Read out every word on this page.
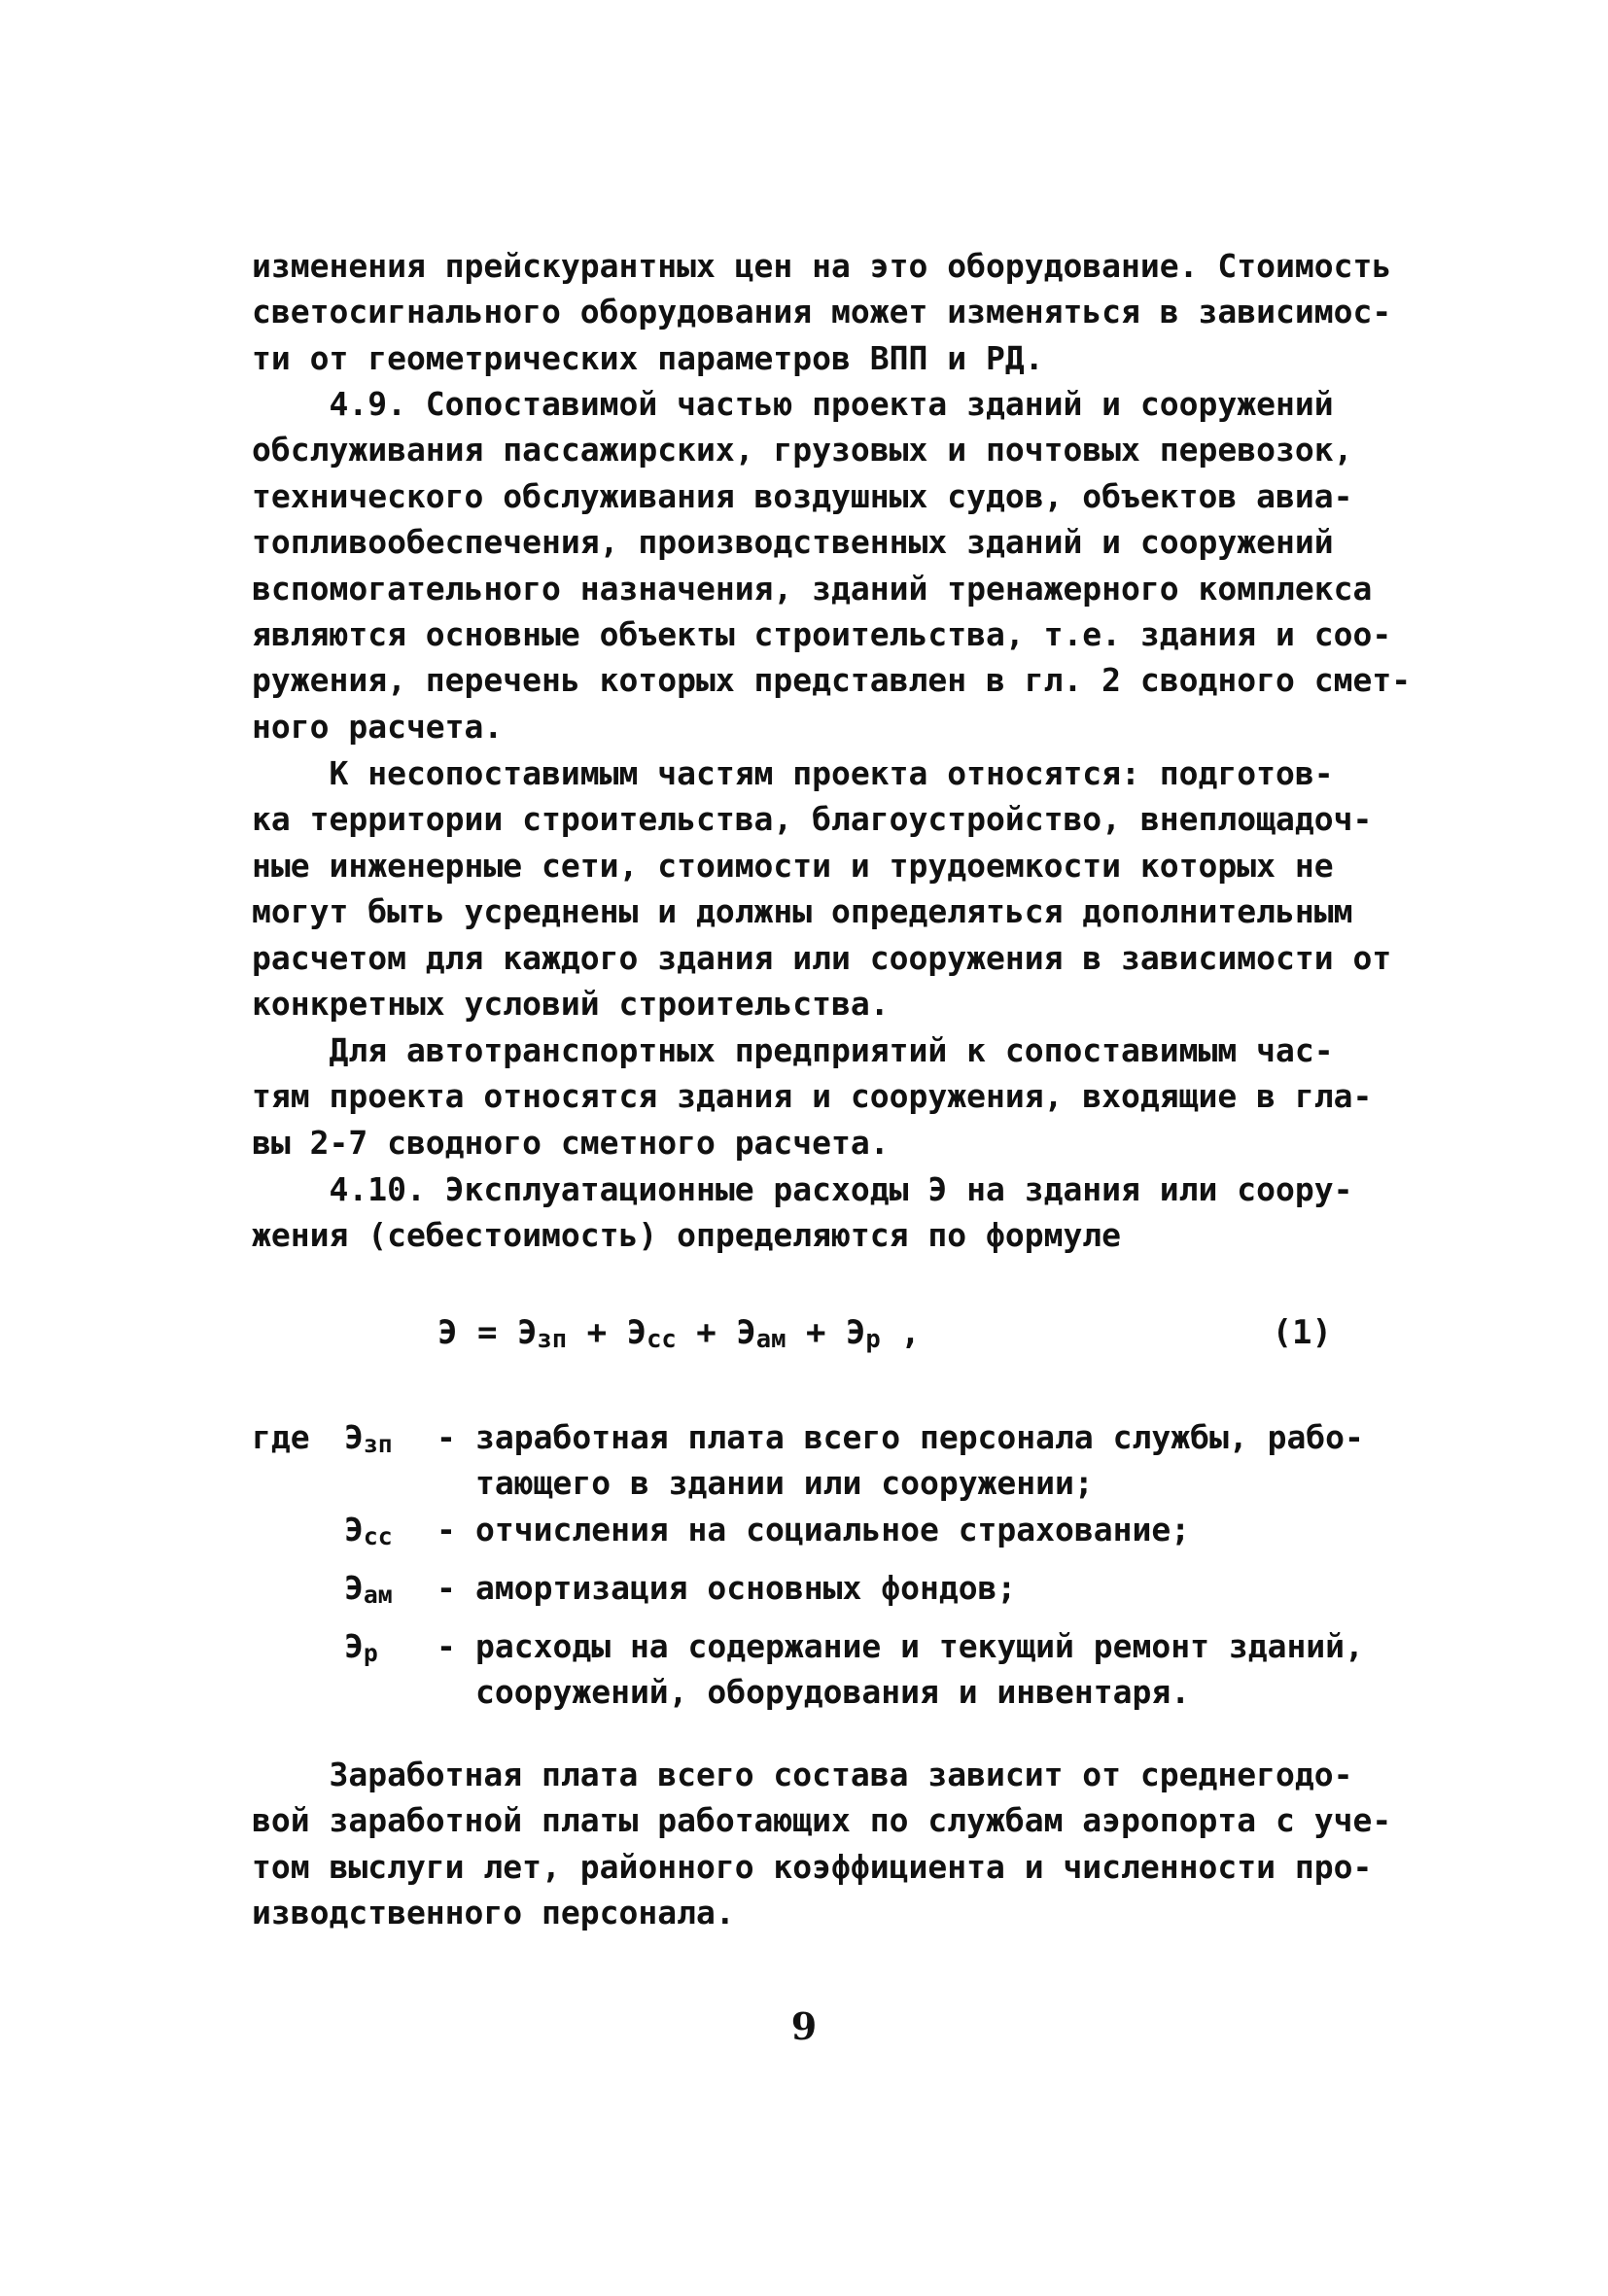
изменения прейскурантных цен на это оборудование. Стоимость
светосигнального оборудования может изменяться в зависимос-
ти от геометрических параметров ВПП и РД.
4.9. Сопоставимой частью проекта зданий и сооружений
обслуживания пассажирских, грузовых и почтовых перевозок,
технического обслуживания воздушных судов, объектов авиа-
топливообеспечения, производственных зданий и сооружений
вспомогательного назначения, зданий тренажерного комплекса
являются основные объекты строительства, т.е. здания и соо-
ружения, перечень которых представлен в гл. 2 сводного смет-
ного расчета.
К несопоставимым частям проекта относятся: подготов-
ка территории строительства, благоустройство, внеплощадоч-
ные инженерные сети, стоимости и трудоемкости которых не
могут быть усреднены и должны определяться дополнительным
расчетом для каждого здания или сооружения в зависимости от
конкретных условий строительства.
Для автотранспортных предприятий к сопоставимым час-
тям проекта относятся здания и сооружения, входящие в гла-
вы 2-7 сводного сметного расчета.
4.10. Эксплуатационные расходы Э на здания или соору-
жения (себестоимость) определяются по формуле
$Э = Э_{зп} + Э_{сс} + Э_{ам} + Э_р$ ,	(1)
где $Э_{зп}$ - заработная плата всего персонала службы, рабо-
тающего в здании или сооружении;
$Э_{сс}$ - отчисления на социальное страхование;
$Э_{ам}$ - амортизация основных фондов;
$Э_р$ - расходы на содержание и текущий ремонт зданий,
сооружений, оборудования и инвентаря.
Заработная плата всего состава зависит от среднегодо-
вой заработной платы работающих по службам аэропорта с уче-
том выслуги лет, районного коэффициента и численности про-
изводственного персонала.
9
